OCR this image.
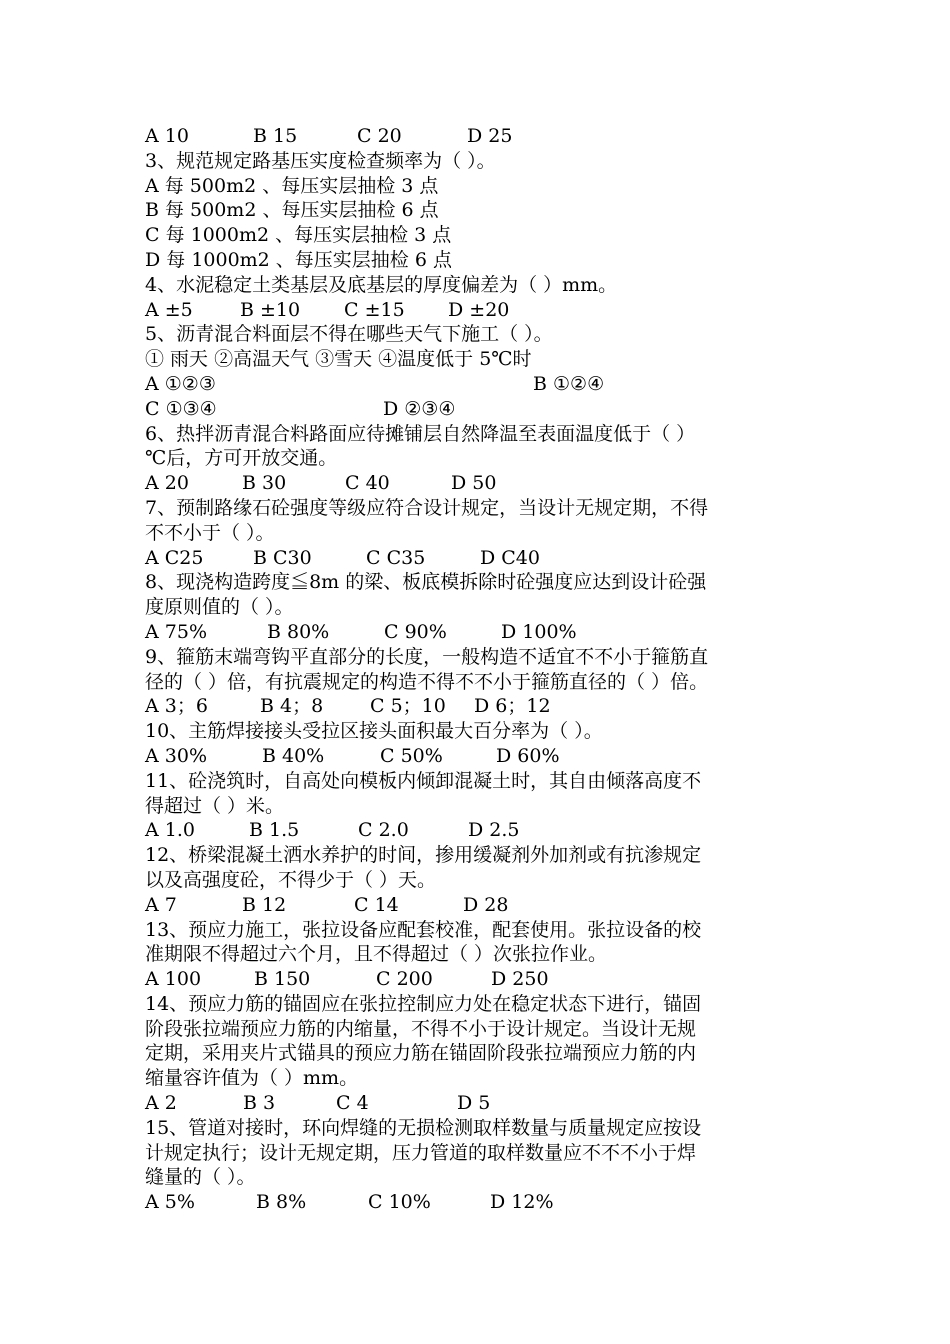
A 10	B 15	C 20	D 25
3、规范规定路基压实度检查频率为（ ）。
A 每 500m2 、每压实层抽检 3 点
B 每 500m2 、每压实层抽检 6 点
C 每 1000m2 、每压实层抽检 3 点
D 每 1000m2 、每压实层抽检 6 点
4、水泥稳定土类基层及底基层的厚度偏差为（ ）mm。
A ±5	B ±10	C ±15	D ±20
5、沥青混合料面层不得在哪些天气下施工（ ）。
① 雨天 ②高温天气 ③雪天 ④温度低于 5℃时
A ①②③	B ①②④
C ①③④	D ②③④
6、热拌沥青混合料路面应待摊铺层自然降温至表面温度低于（ ）
℃后，方可开放交通。
A 20	B 30	C 40	D 50
7、预制路缘石砼强度等级应符合设计规定，当设计无规定期，不得
不不小于（ ）。
A C25	B C30	C C35	D C40
8、现浇构造跨度≦8m 的梁、板底模拆除时砼强度应达到设计砼强
度原则值的（ ）。
A 75%	B 80%	C 90%	D 100%
9、箍筋末端弯钩平直部分的长度，一般构造不适宜不不小于箍筋直
径的（ ）倍，有抗震规定的构造不得不不小于箍筋直径的（ ）倍。
A 3；6	B 4；8	C 5；10	D 6；12
10、主筋焊接接头受拉区接头面积最大百分率为（ ）。
A 30%	B 40%	C 50%	D 60%
11、砼浇筑时，自高处向模板内倾卸混凝土时，其自由倾落高度不
得超过（ ）米。
A 1.0	B 1.5	C 2.0	D 2.5
12、桥梁混凝土洒水养护的时间，掺用缓凝剂外加剂或有抗渗规定
以及高强度砼，不得少于（ ）天。
A 7	B 12	C 14	D 28
13、预应力施工，张拉设备应配套校准，配套使用。张拉设备的校
准期限不得超过六个月，且不得超过（ ）次张拉作业。
A 100	B 150	C 200	D 250
14、预应力筋的锚固应在张拉控制应力处在稳定状态下进行，锚固
阶段张拉端预应力筋的内缩量，不得不小于设计规定。当设计无规
定期，采用夹片式锚具的预应力筋在锚固阶段张拉端预应力筋的内
缩量容许值为（ ）mm。
A 2	B 3	C 4	D 5
15、管道对接时，环向焊缝的无损检测取样数量与质量规定应按设
计规定执行；设计无规定期，压力管道的取样数量应不不不小于焊
缝量的（ ）。
A 5%	B 8%	C 10%	D 12%
